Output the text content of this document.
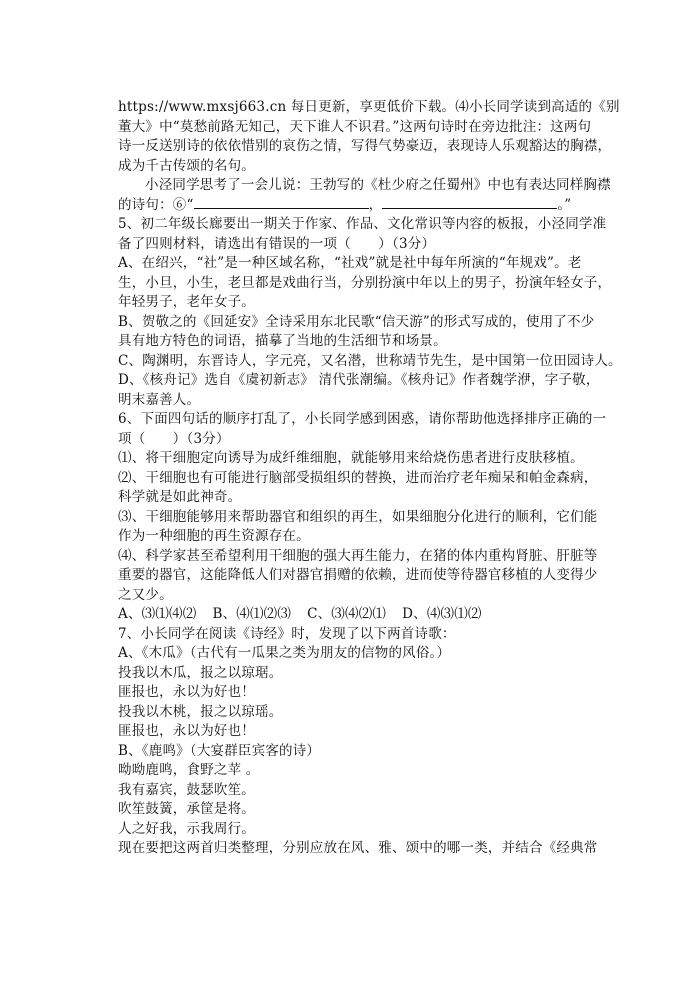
https://www.mxsj663.cn 每日更新，享更低价下载。⑷小长同学读到高适的《别

董大》中“莫愁前路无知己，天下谁人不识君。”这两句诗时在旁边批注：这两句

诗一反送别诗的依依惜别的哀伤之情，写得气势豪迈，表现诗人乐观豁达的胸襟，

成为千古传颂的名句。

小泾同学思考了一会儿说：王勃写的《杜少府之任蜀州》中也有表达同样胸襟

的诗句：⑥“	，	。”

5、初二年级长廊要出一期关于作家、作品、文化常识等内容的板报，小泾同学准

备了四则材料，请选出有错误的一项（　　）（3分）

A、在绍兴，“社”是一种区域名称，“社戏”就是社中每年所演的“年规戏”。老

生，小旦，小生，老旦都是戏曲行当，分别扮演中年以上的男子，扮演年轻女子，

年轻男子，老年女子。

B、贺敬之的《回延安》全诗采用东北民歌“信天游”的形式写成的，使用了不少

具有地方特色的词语，描摹了当地的生活细节和场景。

C、陶渊明，东晋诗人，字元亮，又名潜，世称靖节先生，是中国第一位田园诗人。

D、《核舟记》选自《虞初新志》 清代张潮编。《核舟记》作者魏学洢，字子敬，

明末嘉善人。

6、下面四句话的顺序打乱了，小长同学感到困惑，请你帮助他选择排序正确的一

项（　　）（3分）

⑴、将干细胞定向诱导为成纤维细胞，就能够用来给烧伤患者进行皮肤移植。

⑵、干细胞也有可能进行脑部受损组织的替换，进而治疗老年痴呆和帕金森病，

科学就是如此神奇。

⑶、干细胞能够用来帮助器官和组织的再生，如果细胞分化进行的顺利，它们能

作为一种细胞的再生资源存在。

⑷、科学家甚至希望利用干细胞的强大再生能力，在猪的体内重构肾脏、肝脏等

重要的器官，这能降低人们对器官捐赠的依赖，进而使等待器官移植的人变得少

之又少。

A、⑶⑴⑷⑵ B、⑷⑴⑵⑶ C、⑶⑷⑵⑴ D、⑷⑶⑴⑵

7、小长同学在阅读《诗经》时，发现了以下两首诗歌：

A、《木瓜》（古代有一瓜果之类为朋友的信物的风俗。）

投我以木瓜，报之以琼琚。

匪报也，永以为好也！

投我以木桃，报之以琼瑶。

匪报也，永以为好也！

B、《鹿鸣》（大宴群臣宾客的诗）

呦呦鹿鸣，食野之苹 。

我有嘉宾，鼓瑟吹笙。

吹笙鼓簧，承筐是将。

人之好我，示我周行。

现在要把这两首归类整理，分别应放在风、雅、颂中的哪一类，并结合《经典常
